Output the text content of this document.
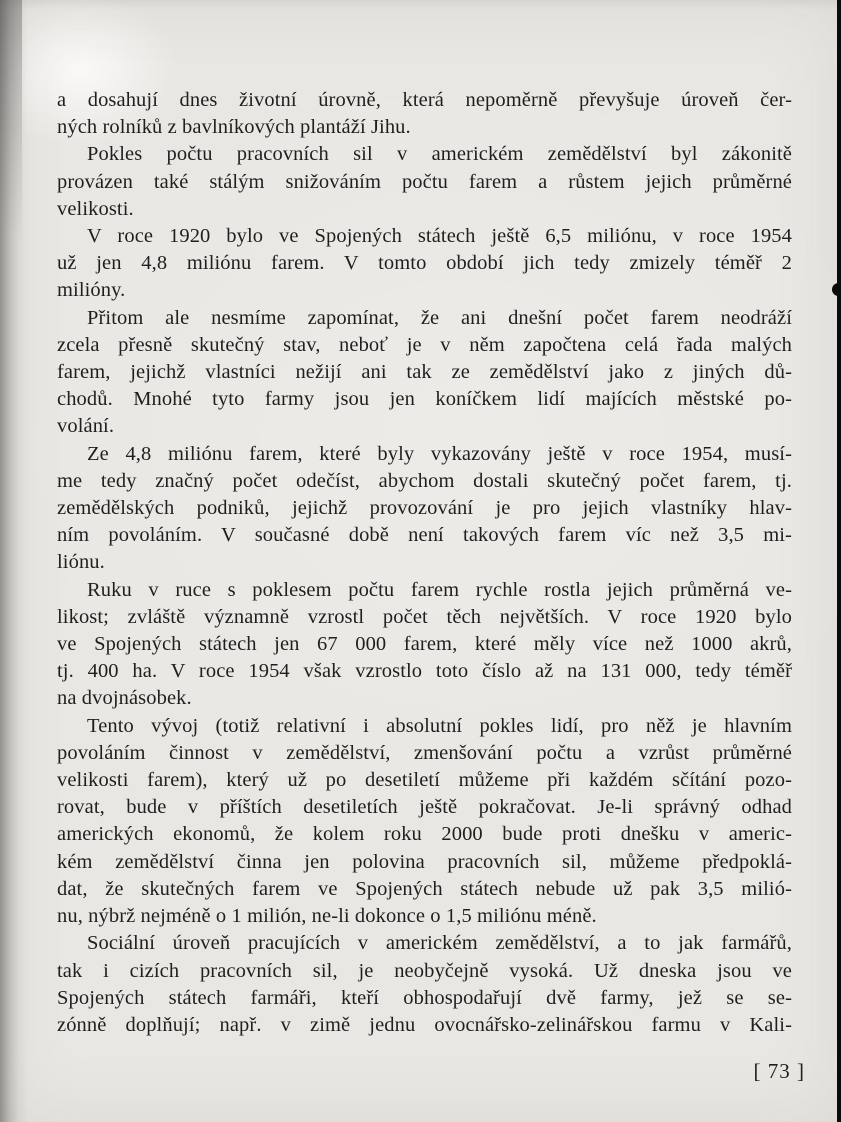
a dosahují dnes životní úrovně, která nepoměrně převyšuje úroveň čer-
ných rolníků z bavlníkových plantáží Jihu.
Pokles počtu pracovních sil v americkém zemědělství byl zákonitě
provázen také stálým snižováním počtu farem a růstem jejich průměrné
velikosti.
V roce 1920 bylo ve Spojených státech ještě 6,5 miliónu, v roce 1954
už jen 4,8 miliónu farem. V tomto období jich tedy zmizely téměř 2
milióny.
Přitom ale nesmíme zapomínat, že ani dnešní počet farem neodráží
zcela přesně skutečný stav, neboť je v něm započtena celá řada malých
farem, jejichž vlastníci nežijí ani tak ze zemědělství jako z jiných dů-
chodů. Mnohé tyto farmy jsou jen koníčkem lidí majících městské po-
volání.
Ze 4,8 miliónu farem, které byly vykazovány ještě v roce 1954, musí-
me tedy značný počet odečíst, abychom dostali skutečný počet farem, tj.
zemědělských podniků, jejichž provozování je pro jejich vlastníky hlav-
ním povoláním. V současné době není takových farem víc než 3,5 mi-
liónu.
Ruku v ruce s poklesem počtu farem rychle rostla jejich průměrná ve-
likost; zvláště významně vzrostl počet těch největších. V roce 1920 bylo
ve Spojených státech jen 67 000 farem, které měly více než 1000 akrů,
tj. 400 ha. V roce 1954 však vzrostlo toto číslo až na 131 000, tedy téměř
na dvojnásobek.
Tento vývoj (totiž relativní i absolutní pokles lidí, pro něž je hlavním
povoláním činnost v zemědělství, zmenšování počtu a vzrůst průměrné
velikosti farem), který už po desetiletí můžeme při každém sčítání pozo-
rovat, bude v příštích desetiletích ještě pokračovat. Je-li správný odhad
amerických ekonomů, že kolem roku 2000 bude proti dnešku v americ-
kém zemědělství činna jen polovina pracovních sil, můžeme předpoklá-
dat, že skutečných farem ve Spojených státech nebude už pak 3,5 milió-
nu, nýbrž nejméně o 1 milión, ne-li dokonce o 1,5 miliónu méně.
Sociální úroveň pracujících v americkém zemědělství, a to jak farmářů,
tak i cizích pracovních sil, je neobyčejně vysoká. Už dneska jsou ve
Spojených státech farmáři, kteří obhospodařují dvě farmy, jež se se-
zónně doplňují; např. v zimě jednu ovocnářsko-zelinářskou farmu v Kali-
[ 73 ]
